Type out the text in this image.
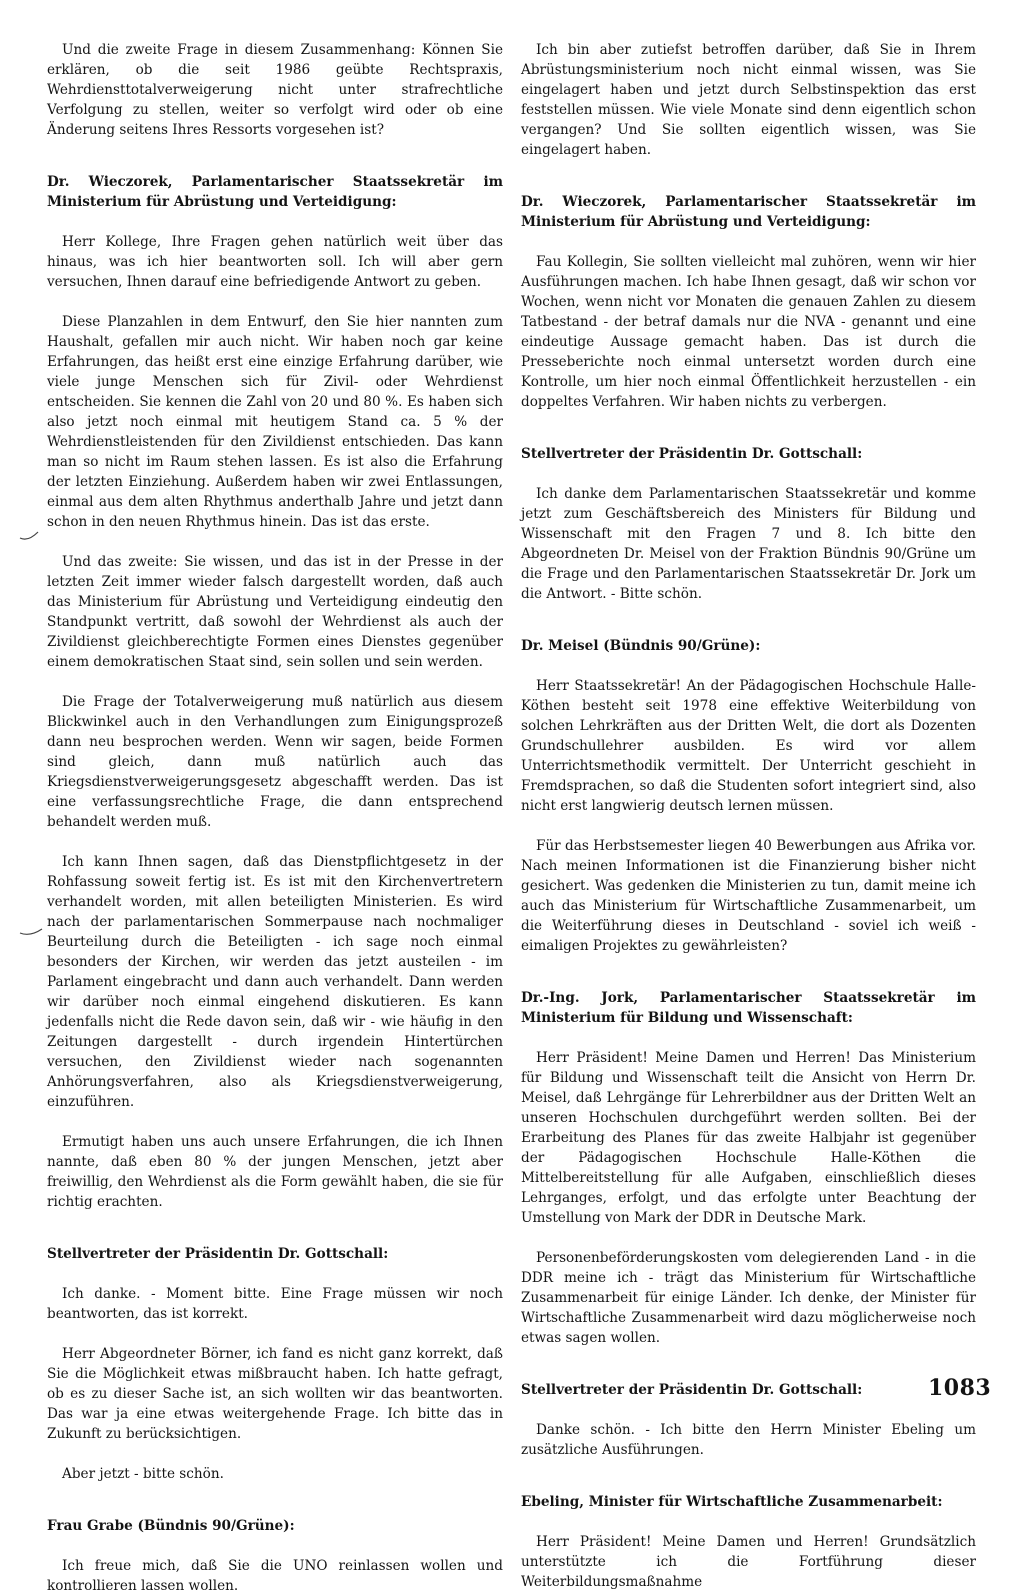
Und die zweite Frage in diesem Zusammenhang: Können Sie erklären, ob die seit 1986 geübte Rechtspraxis, Wehrdiensttotalverweigerung nicht unter strafrechtliche Verfolgung zu stellen, weiter so verfolgt wird oder ob eine Änderung seitens Ihres Ressorts vorgesehen ist?

Dr. Wieczorek, Parlamentarischer Staatssekretär im Ministerium für Abrüstung und Verteidigung:

Herr Kollege, Ihre Fragen gehen natürlich weit über das hinaus, was ich hier beantworten soll. Ich will aber gern versuchen, Ihnen darauf eine befriedigende Antwort zu geben.

Diese Planzahlen in dem Entwurf, den Sie hier nannten zum Haushalt, gefallen mir auch nicht. Wir haben noch gar keine Erfahrungen, das heißt erst eine einzige Erfahrung darüber, wie viele junge Menschen sich für Zivil- oder Wehrdienst entscheiden. Sie kennen die Zahl von 20 und 80 %. Es haben sich also jetzt noch einmal mit heutigem Stand ca. 5 % der Wehrdienstleistenden für den Zivildienst entschieden. Das kann man so nicht im Raum stehen lassen. Es ist also die Erfahrung der letzten Einziehung. Außerdem haben wir zwei Entlassungen, einmal aus dem alten Rhythmus anderthalb Jahre und jetzt dann schon in den neuen Rhythmus hinein. Das ist das erste.

Und das zweite: Sie wissen, und das ist in der Presse in der letzten Zeit immer wieder falsch dargestellt worden, daß auch das Ministerium für Abrüstung und Verteidigung eindeutig den Standpunkt vertritt, daß sowohl der Wehrdienst als auch der Zivildienst gleichberechtigte Formen eines Dienstes gegenüber einem demokratischen Staat sind, sein sollen und sein werden.

Die Frage der Totalverweigerung muß natürlich aus diesem Blickwinkel auch in den Verhandlungen zum Einigungsprozeß dann neu besprochen werden. Wenn wir sagen, beide Formen sind gleich, dann muß natürlich auch das Kriegsdienstverweigerungsgesetz abgeschafft werden. Das ist eine verfassungsrechtliche Frage, die dann entsprechend behandelt werden muß.

Ich kann Ihnen sagen, daß das Dienstpflichtgesetz in der Rohfassung soweit fertig ist. Es ist mit den Kirchenvertretern verhandelt worden, mit allen beteiligten Ministerien. Es wird nach der parlamentarischen Sommerpause nach nochmaliger Beurteilung durch die Beteiligten - ich sage noch einmal besonders der Kirchen, wir werden das jetzt austeilen - im Parlament eingebracht und dann auch verhandelt. Dann werden wir darüber noch einmal eingehend diskutieren. Es kann jedenfalls nicht die Rede davon sein, daß wir - wie häufig in den Zeitungen dargestellt - durch irgendein Hintertürchen versuchen, den Zivildienst wieder nach sogenannten Anhörungsverfahren, also als Kriegsdienstverweigerung, einzuführen.

Ermutigt haben uns auch unsere Erfahrungen, die ich Ihnen nannte, daß eben 80 % der jungen Menschen, jetzt aber freiwillig, den Wehrdienst als die Form gewählt haben, die sie für richtig erachten.

Stellvertreter der Präsidentin Dr. Gottschall:

Ich danke. - Moment bitte. Eine Frage müssen wir noch beantworten, das ist korrekt.

Herr Abgeordneter Börner, ich fand es nicht ganz korrekt, daß Sie die Möglichkeit etwas mißbraucht haben. Ich hatte gefragt, ob es zu dieser Sache ist, an sich wollten wir das beantworten. Das war ja eine etwas weitergehende Frage. Ich bitte das in Zukunft zu berücksichtigen.

Aber jetzt - bitte schön.

Frau Grabe (Bündnis 90/Grüne):

Ich freue mich, daß Sie die UNO reinlassen wollen und kontrollieren lassen wollen.

Ich bin aber zutiefst betroffen darüber, daß Sie in Ihrem Abrüstungsministerium noch nicht einmal wissen, was Sie eingelagert haben und jetzt durch Selbstinspektion das erst feststellen müssen. Wie viele Monate sind denn eigentlich schon vergangen? Und Sie sollten eigentlich wissen, was Sie eingelagert haben.

Dr. Wieczorek, Parlamentarischer Staatssekretär im Ministerium für Abrüstung und Verteidigung:

Fau Kollegin, Sie sollten vielleicht mal zuhören, wenn wir hier Ausführungen machen. Ich habe Ihnen gesagt, daß wir schon vor Wochen, wenn nicht vor Monaten die genauen Zahlen zu diesem Tatbestand - der betraf damals nur die NVA - genannt und eine eindeutige Aussage gemacht haben. Das ist durch die Presseberichte noch einmal untersetzt worden durch eine Kontrolle, um hier noch einmal Öffentlichkeit herzustellen - ein doppeltes Verfahren. Wir haben nichts zu verbergen.

Stellvertreter der Präsidentin Dr. Gottschall:

Ich danke dem Parlamentarischen Staatssekretär und komme jetzt zum Geschäftsbereich des Ministers für Bildung und Wissenschaft mit den Fragen 7 und 8. Ich bitte den Abgeordneten Dr. Meisel von der Fraktion Bündnis 90/Grüne um die Frage und den Parlamentarischen Staatssekretär Dr. Jork um die Antwort. - Bitte schön.

Dr. Meisel (Bündnis 90/Grüne):

Herr Staatssekretär! An der Pädagogischen Hochschule Halle-Köthen besteht seit 1978 eine effektive Weiterbildung von solchen Lehrkräften aus der Dritten Welt, die dort als Dozenten Grundschullehrer ausbilden. Es wird vor allem Unterrichtsmethodik vermittelt. Der Unterricht geschieht in Fremdsprachen, so daß die Studenten sofort integriert sind, also nicht erst langwierig deutsch lernen müssen.

Für das Herbstsemester liegen 40 Bewerbungen aus Afrika vor. Nach meinen Informationen ist die Finanzierung bisher nicht gesichert. Was gedenken die Ministerien zu tun, damit meine ich auch das Ministerium für Wirtschaftliche Zusammenarbeit, um die Weiterführung dieses in Deutschland - soviel ich weiß - eimaligen Projektes zu gewährleisten?

Dr.-Ing. Jork, Parlamentarischer Staatssekretär im Ministerium für Bildung und Wissenschaft:

Herr Präsident! Meine Damen und Herren! Das Ministerium für Bildung und Wissenschaft teilt die Ansicht von Herrn Dr. Meisel, daß Lehrgänge für Lehrerbildner aus der Dritten Welt an unseren Hochschulen durchgeführt werden sollten. Bei der Erarbeitung des Planes für das zweite Halbjahr ist gegenüber der Pädagogischen Hochschule Halle-Köthen die Mittelbereitstellung für alle Aufgaben, einschließlich dieses Lehrganges, erfolgt, und das erfolgte unter Beachtung der Umstellung von Mark der DDR in Deutsche Mark.

Personenbeförderungskosten vom delegierenden Land - in die DDR meine ich - trägt das Ministerium für Wirtschaftliche Zusammenarbeit für einige Länder. Ich denke, der Minister für Wirtschaftliche Zusammenarbeit wird dazu möglicherweise noch etwas sagen wollen.

Stellvertreter der Präsidentin Dr. Gottschall:

Danke schön. - Ich bitte den Herrn Minister Ebeling um zusätzliche Ausführungen.

Ebeling, Minister für Wirtschaftliche Zusammenarbeit:

Herr Präsident! Meine Damen und Herren! Grundsätzlich unterstützte ich die Fortführung dieser Weiterbildungsmaßnahme

1083
